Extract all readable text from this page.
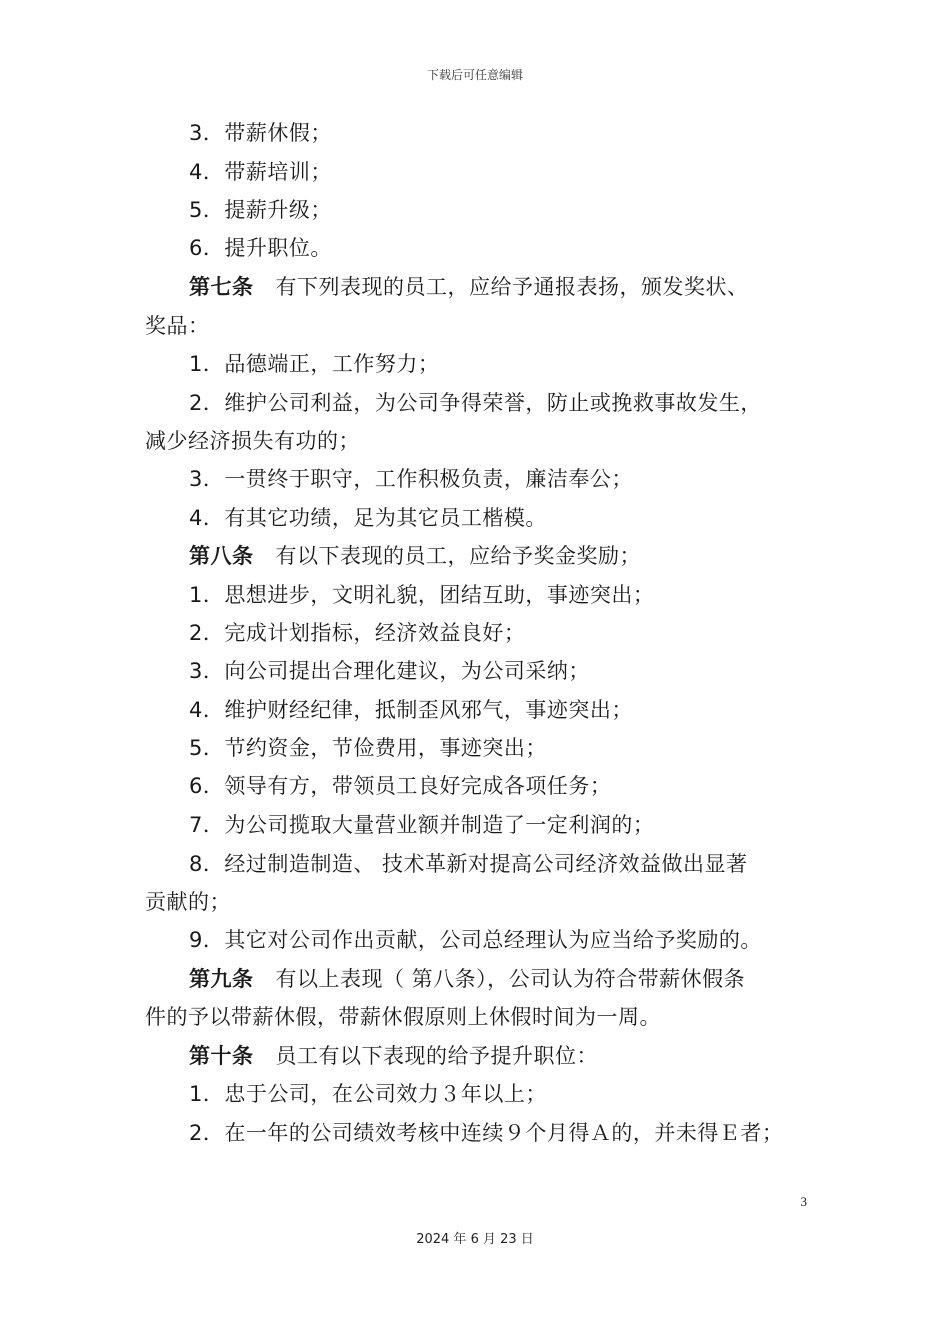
下载后可任意编辑
3．带薪休假；
4．带薪培训；
5．提薪升级；
6．提升职位。
第七条 有下列表现的员工，应给予通报表扬，颁发奖状、
奖品：
1．品德端正，工作努力；
2．维护公司利益，为公司争得荣誉，防止或挽救事故发生，
减少经济损失有功的；
3．一贯终于职守，工作积极负责，廉洁奉公；
4．有其它功绩，足为其它员工楷模。
第八条 有以下表现的员工，应给予奖金奖励；
1．思想进步，文明礼貌，团结互助，事迹突出；
2．完成计划指标，经济效益良好；
3．向公司提出合理化建议，为公司采纳；
4．维护财经纪律，抵制歪风邪气，事迹突出；
5．节约资金，节俭费用，事迹突出；
6．领导有方，带领员工良好完成各项任务；
7．为公司揽取大量营业额并制造了一定利润的；
8．经过制造制造、 技术革新对提高公司经济效益做出显著
贡献的；
9．其它对公司作出贡献，公司总经理认为应当给予奖励的。
第九条 有以上表现（ 第八条），公司认为符合带薪休假条
件的予以带薪休假，带薪休假原则上休假时间为一周。
第十条 员工有以下表现的给予提升职位：
1．忠于公司，在公司效力３年以上；
2．在一年的公司绩效考核中连续９个月得Ａ的，并未得Ｅ者；
3
2024 年 6 月 23 日
